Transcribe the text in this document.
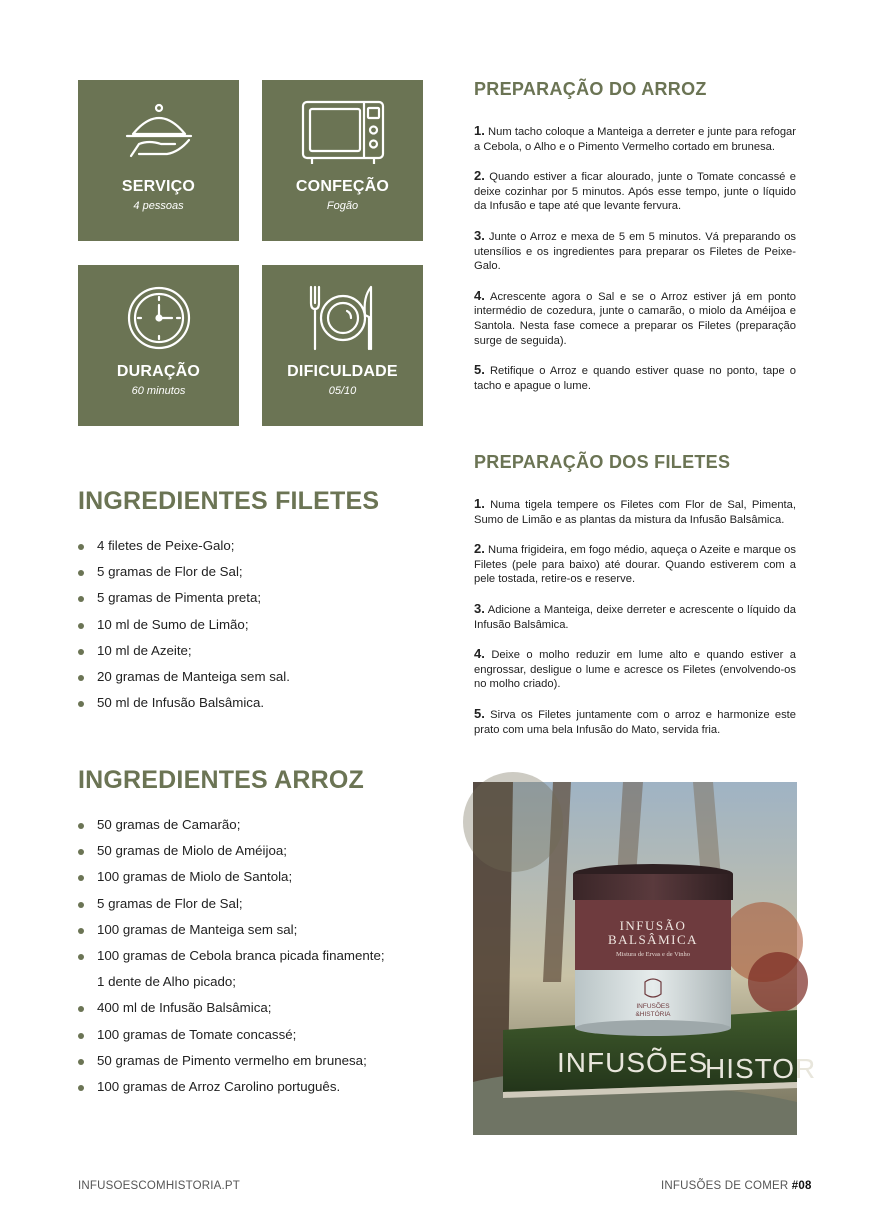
SERVIÇO
4 pessoas
CONFEÇÃO
Fogão
DURAÇÃO
60 minutos
DIFICULDADE
05/10
PREPARAÇÃO DO ARROZ
1. Num tacho coloque a Manteiga a derreter e junte para refogar a Cebola, o Alho e o Pimento Vermelho cortado em brunesa.
2. Quando estiver a ficar alourado, junte o Tomate concassé e deixe cozinhar por 5 minutos. Após esse tempo, junte o líquido da Infusão e tape até que levante fervura.
3. Junte o Arroz e mexa de 5 em 5 minutos. Vá preparando os utensílios e os ingredientes para preparar os Filetes de Peixe-Galo.
4. Acrescente agora o Sal e se o Arroz estiver já em ponto intermédio de cozedura, junte o camarão, o miolo da Améijoa e Santola. Nesta fase comece a preparar os Filetes (preparação surge de seguida).
5. Retifique o Arroz e quando estiver quase no ponto, tape o tacho e apague o lume.
PREPARAÇÃO DOS FILETES
1. Numa tigela tempere os Filetes com Flor de Sal, Pimenta, Sumo de Limão e as plantas da mistura da Infusão Balsâmica.
2. Numa frigideira, em fogo médio, aqueça o Azeite e marque os Filetes (pele para baixo) até dourar. Quando estiverem com a pele tostada, retire-os e reserve.
3. Adicione a Manteiga, deixe derreter e acrescente o líquido da Infusão Balsâmica.
4. Deixe o molho reduzir em lume alto e quando estiver a engrossar, desligue o lume e acresce os Filetes (envolvendo-os no molho criado).
5. Sirva os Filetes juntamente com o arroz e harmonize este prato com uma bela Infusão do Mato, servida fria.
INGREDIENTES FILETES
4 filetes de Peixe-Galo;
5 gramas de Flor de Sal;
5 gramas de Pimenta preta;
10 ml de Sumo de Limão;
10 ml de Azeite;
20 gramas de Manteiga sem sal.
50 ml de Infusão Balsâmica.
INGREDIENTES ARROZ
50 gramas de Camarão;
50 gramas de Miolo de Améijoa;
100 gramas de Miolo de Santola;
5 gramas de Flor de Sal;
100 gramas de Manteiga sem sal;
100 gramas de Cebola branca picada finamente;
1 dente de Alho picado;
400 ml de Infusão Balsâmica;
100 gramas de Tomate concassé;
50 gramas de Pimento vermelho em brunesa;
100 gramas de Arroz Carolino português.
INFUSÕES
HISTOR
INFUSÃO
BALSÂMICA
Mistura de Ervas e de Vinho
INFUSÕES
&HISTÓRIA
INFUSOESCOMHISTORIA.PT	INFUSÕES DE COMER #08
